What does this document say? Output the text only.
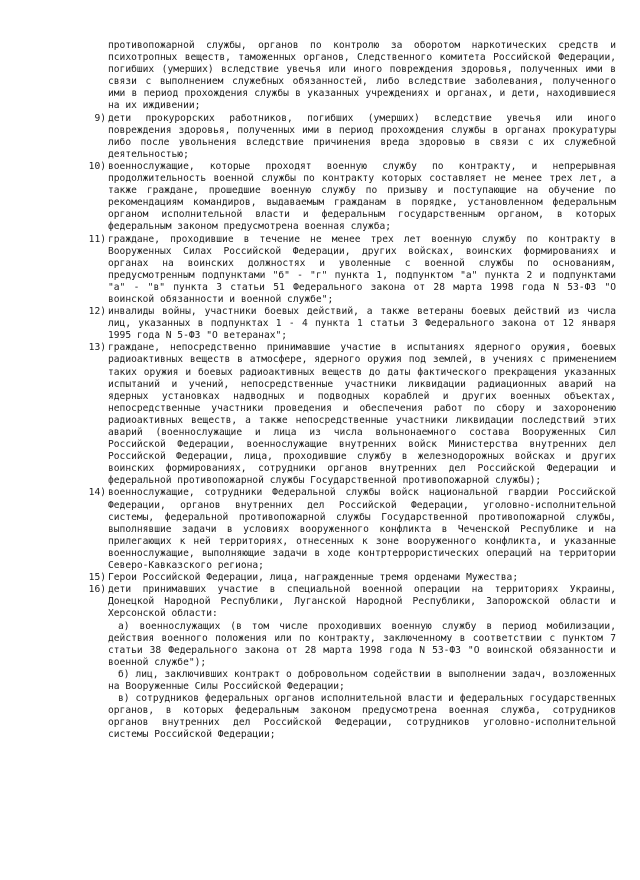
противопожарной службы, органов по контролю за оборотом наркотических средств и психотропных веществ, таможенных органов, Следственного комитета Российской Федерации, погибших (умерших) вследствие увечья или иного повреждения здоровья, полученных ими в связи с выполнением служебных обязанностей, либо вследствие заболевания, полученного ими в период прохождения службы в указанных учреждениях и органах, и дети, находившиеся на их иждивении;

9) дети прокурорских работников, погибших (умерших) вследствие увечья или иного повреждения здоровья, полученных ими в период прохождения службы в органах прокуратуры либо после увольнения вследствие причинения вреда здоровью в связи с их служебной деятельностью;

10) военнослужащие, которые проходят военную службу по контракту, и непрерывная продолжительность военной службы по контракту которых составляет не менее трех лет, а также граждане, прошедшие военную службу по призыву и поступающие на обучение по рекомендациям командиров, выдаваемым гражданам в порядке, установленном федеральным органом исполнительной власти и федеральным государственным органом, в которых федеральным законом предусмотрена военная служба;

11) граждане, проходившие в течение не менее трех лет военную службу по контракту в Вооруженных Силах Российской Федерации, других войсках, воинских формированиях и органах на воинских должностях и уволенные с военной службы по основаниям, предусмотренным подпунктами "б" - "г" пункта 1, подпунктом "а" пункта 2 и подпунктами "а" - "в" пункта 3 статьи 51 Федерального закона от 28 марта 1998 года N 53-ФЗ "О воинской обязанности и военной службе";

12) инвалиды войны, участники боевых действий, а также ветераны боевых действий из числа лиц, указанных в подпунктах 1 - 4 пункта 1 статьи 3 Федерального закона от 12 января 1995 года N 5-ФЗ "О ветеранах";

13) граждане, непосредственно принимавшие участие в испытаниях ядерного оружия, боевых радиоактивных веществ в атмосфере, ядерного оружия под землей, в учениях с применением таких оружия и боевых радиоактивных веществ до даты фактического прекращения указанных испытаний и учений, непосредственные участники ликвидации радиационных аварий на ядерных установках надводных и подводных кораблей и других военных объектах, непосредственные участники проведения и обеспечения работ по сбору и захоронению радиоактивных веществ, а также непосредственные участники ликвидации последствий этих аварий (военнослужащие и лица из числа вольнонаемного состава Вооруженных Сил Российской Федерации, военнослужащие внутренних войск Министерства внутренних дел Российской Федерации, лица, проходившие службу в железнодорожных войсках и других воинских формированиях, сотрудники органов внутренних дел Российской Федерации и федеральной противопожарной службы Государственной противопожарной службы);

14) военнослужащие, сотрудники Федеральной службы войск национальной гвардии Российской Федерации, органов внутренних дел Российской Федерации, уголовно-исполнительной системы, федеральной противопожарной службы Государственной противопожарной службы, выполнявшие задачи в условиях вооруженного конфликта в Чеченской Республике и на прилегающих к ней территориях, отнесенных к зоне вооруженного конфликта, и указанные военнослужащие, выполняющие задачи в ходе контртеррористических операций на территории Северо-Кавказского региона;

15) Герои Российской Федерации, лица, награжденные тремя орденами Мужества;

16) дети принимавших участие в специальной военной операции на территориях Украины, Донецкой Народной Республики, Луганской Народной Республики, Запорожской области и Херсонской области:

а) военнослужащих (в том числе проходивших военную службу в период мобилизации, действия военного положения или по контракту, заключенному в соответствии с пунктом 7 статьи 38 Федерального закона от 28 марта 1998 года N 53-ФЗ "О воинской обязанности и военной службе");

б) лиц, заключивших контракт о добровольном содействии в выполнении задач, возложенных на Вооруженные Силы Российской Федерации;

в) сотрудников федеральных органов исполнительной власти и федеральных государственных органов, в которых федеральным законом предусмотрена военная служба, сотрудников органов внутренних дел Российской Федерации, сотрудников уголовно-исполнительной системы Российской Федерации;
